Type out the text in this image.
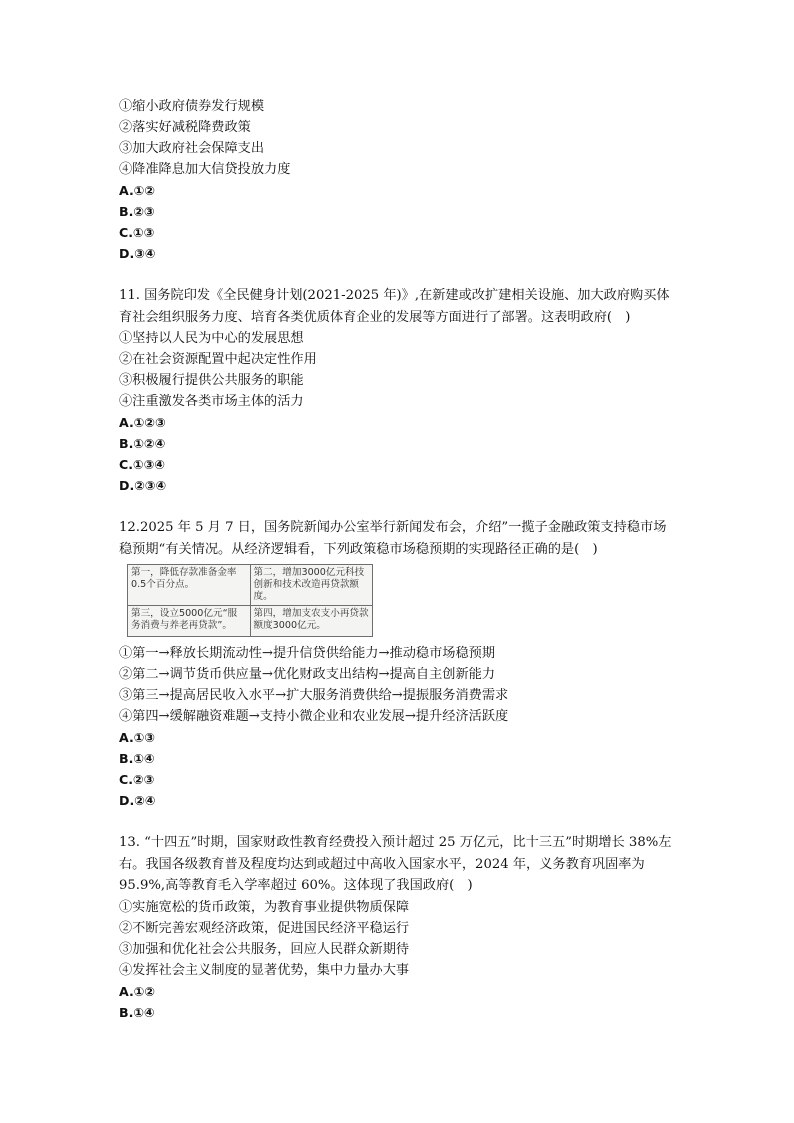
①缩小政府债券发行规模
②落实好减税降费政策
③加大政府社会保障支出
④降准降息加大信贷投放力度
A.①②
B.②③
C.①③
D.③④
11. 国务院印发《全民健身计划(2021-2025 年)》,在新建或改扩建相关设施、加大政府购买体育社会组织服务力度、培育各类优质体育企业的发展等方面进行了部署。这表明政府(　)
①坚持以人民为中心的发展思想
②在社会资源配置中起决定性作用
③积极履行提供公共服务的职能
④注重激发各类市场主体的活力
A.①②③
B.①②④
C.①③④
D.②③④
12.2025 年 5 月 7 日，国务院新闻办公室举行新闻发布会，介绍”一揽子金融政策支持稳市场稳预期“有关情况。从经济逻辑看，下列政策稳市场稳预期的实现路径正确的是(　)
第一，降低存款准备金率0.5个百分点。	第二，增加3000亿元科技创新和技术改造再贷款额度。
第三，设立5000亿元“服务消费与养老再贷款”。	第四，增加支农支小再贷款额度3000亿元。
①第一→释放长期流动性→提升信贷供给能力→推动稳市场稳预期
②第二→调节货币供应量→优化财政支出结构→提高自主创新能力
③第三→提高居民收入水平→扩大服务消费供给→提振服务消费需求
④第四→缓解融资难题→支持小微企业和农业发展→提升经济活跃度
A.①③
B.①④
C.②③
D.②④
13. “十四五”时期，国家财政性教育经费投入预计超过 25 万亿元，比十三五”时期增长 38%左右。我国各级教育普及程度均达到或超过中高收入国家水平，2024 年，义务教育巩固率为 95.9%,高等教育毛入学率超过 60%。这体现了我国政府(　)
①实施宽松的货币政策，为教育事业提供物质保障
②不断完善宏观经济政策，促进国民经济平稳运行
③加强和优化社会公共服务，回应人民群众新期待
④发挥社会主义制度的显著优势，集中力量办大事
A.①②
B.①④
